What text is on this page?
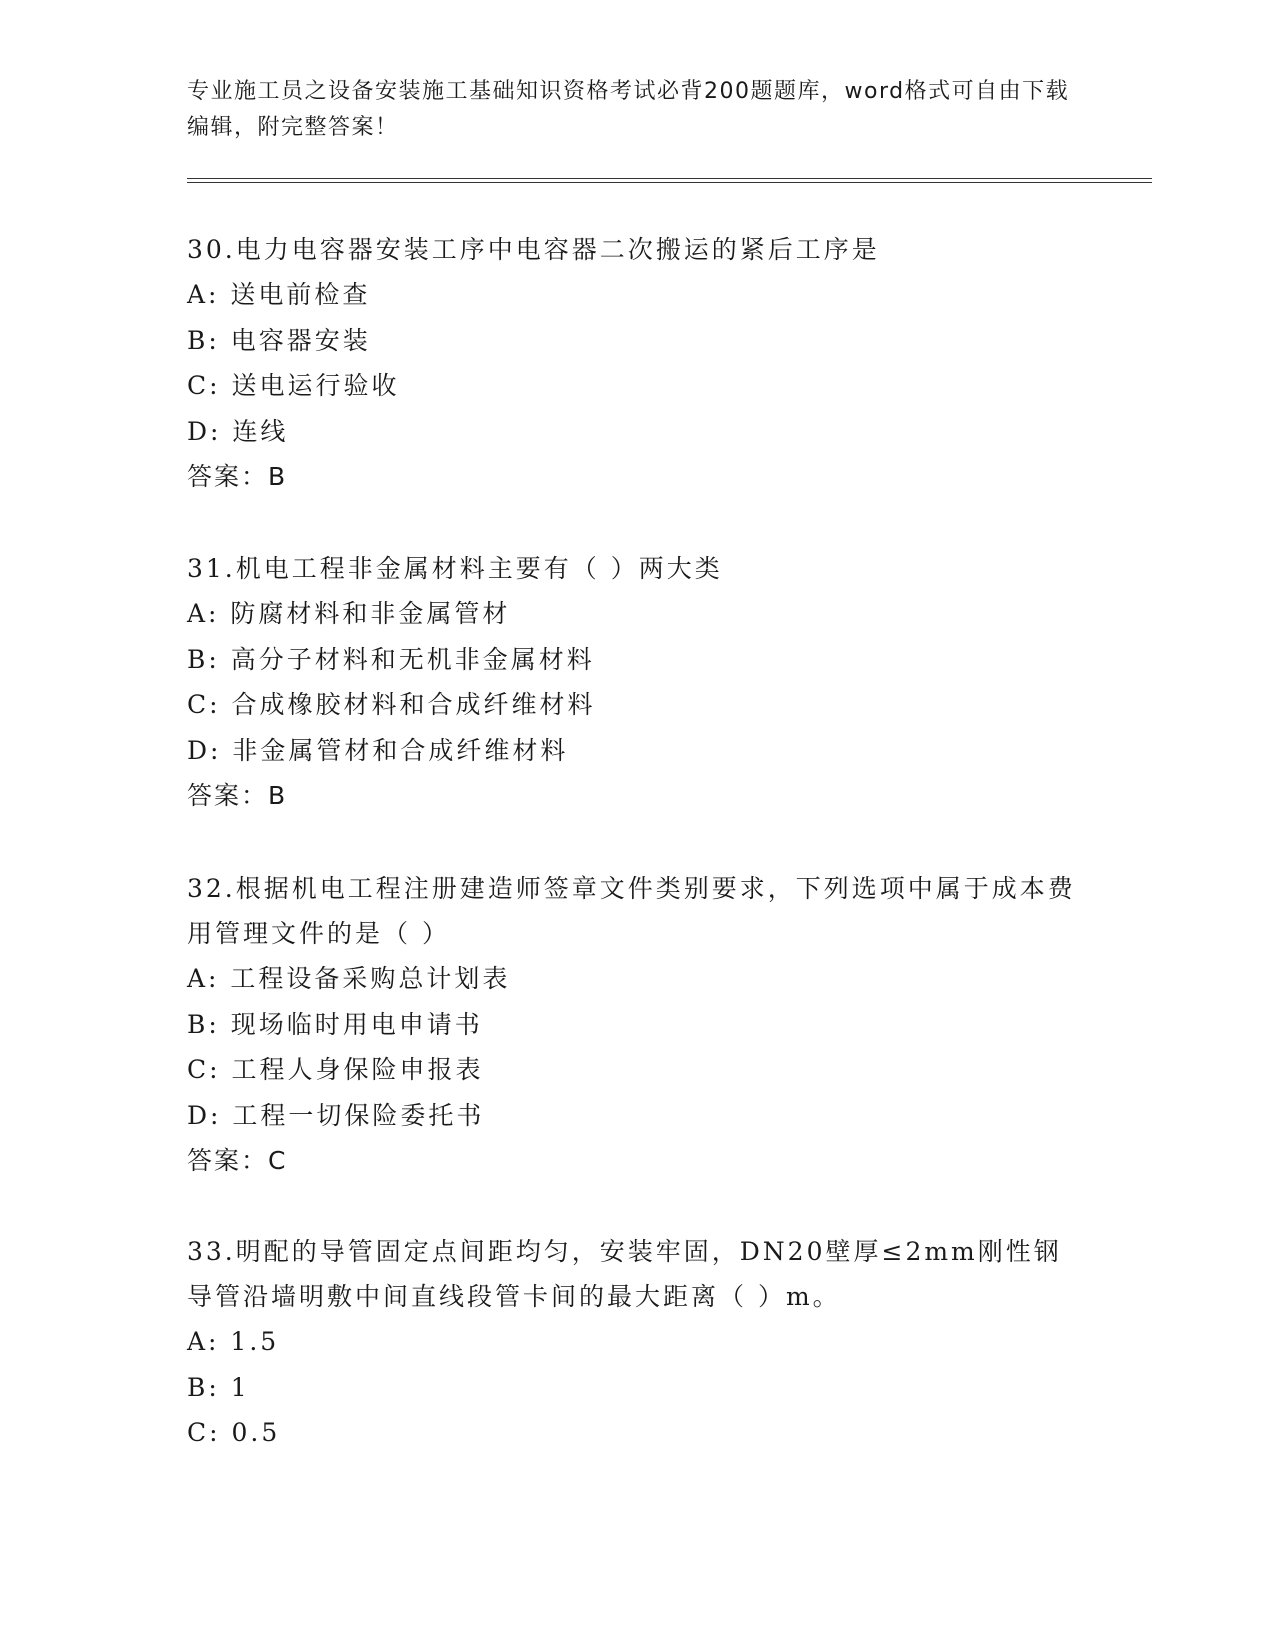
专业施工员之设备安装施工基础知识资格考试必背200题题库，word格式可自由下载编辑，附完整答案！

30.电力电容器安装工序中电容器二次搬运的紧后工序是

A: 送电前检查

B: 电容器安装

C: 送电运行验收

D: 连线

答案：B

31.机电工程非金属材料主要有（ ）两大类

A: 防腐材料和非金属管材

B: 高分子材料和无机非金属材料

C: 合成橡胶材料和合成纤维材料

D: 非金属管材和合成纤维材料

答案：B

32.根据机电工程注册建造师签章文件类别要求，下列选项中属于成本费用管理文件的是（ ）

A: 工程设备采购总计划表

B: 现场临时用电申请书

C: 工程人身保险申报表

D: 工程一切保险委托书

答案：C

33.明配的导管固定点间距均匀，安装牢固，DN20壁厚≤2mm刚性钢导管沿墙明敷中间直线段管卡间的最大距离（ ）m。

A: 1.5

B: 1

C: 0.5
